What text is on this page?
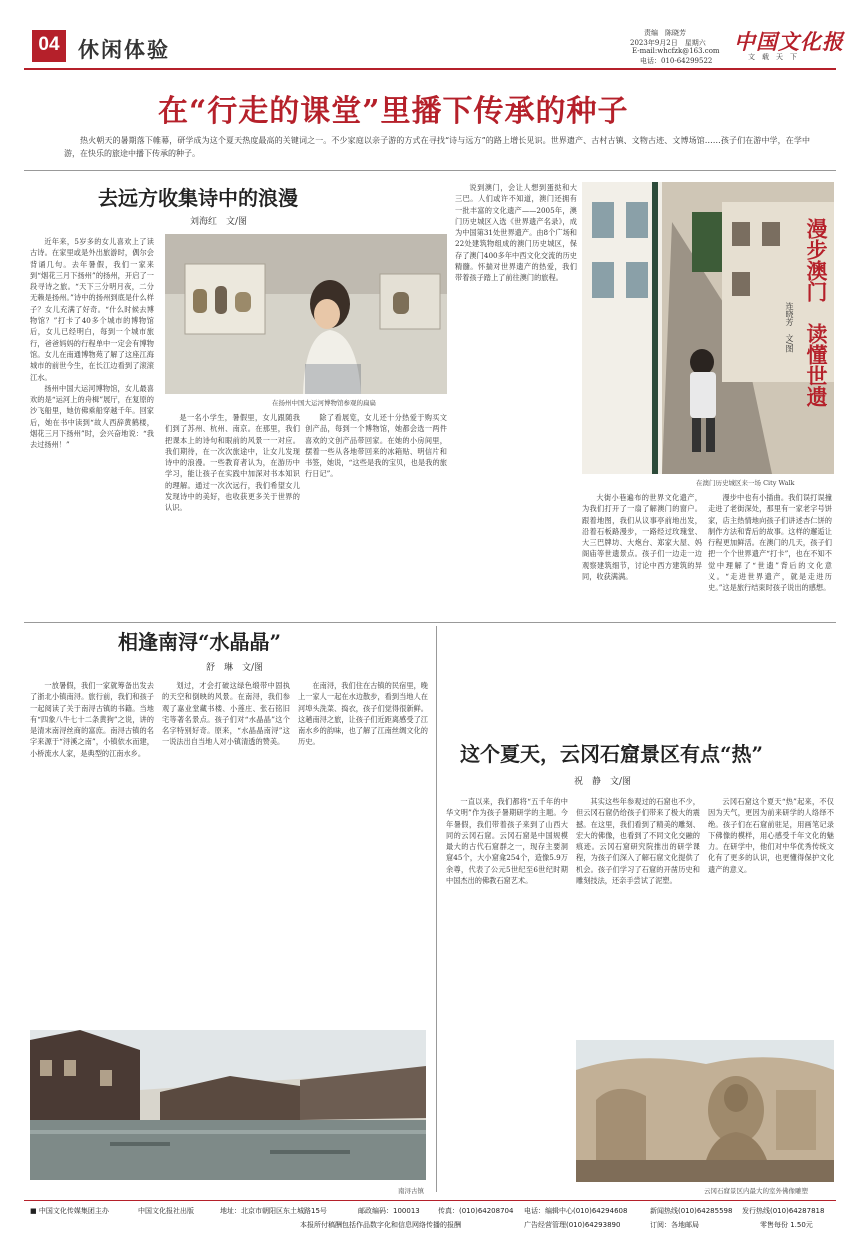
04 休闲体验
责编　陈晓芳
2023年9月2日　星期六
E-mail:whcfzk@163.com
电话：010-64299522
中国文化报
文　载　天　下
在“行走的课堂”里播下传承的种子
热火朝天的暑期落下帷幕，研学成为这个夏天热度最高的关键词之一。不少家庭以亲子游的方式在寻找“诗与远方”的路上增长见识。世界遗产、古村古镇、文物古迹、文博场馆……孩子们在游中学，在学中游，在快乐的旅途中播下传承的种子。
去远方收集诗中的浪漫
刘海红　文/图

近年来，5岁多的女儿喜欢上了读古诗。在家里或是外出旅游时，偶尔会背诵几句。去年暑假，我们一家来到“烟花三月下扬州”的扬州，开启了一段寻诗之旅。“天下三分明月夜，二分无赖是扬州。”诗中的扬州到底是什么样子？女儿充满了好奇。“什么时候去博物馆？”打卡了40多个城市的博物馆后，女儿已经明白，每到一个城市旅行，爸爸妈妈的行程单中一定会有博物馆。女儿在南通博物苑了解了这座江海城市的前世今生，在长江边看到了滚滚江水。

扬州中国大运河博物馆，女儿最喜欢的是“运河上的舟楫”展厅，在复原的沙飞船里，她仿佛乘船穿越千年。回家后，她在书中读到“故人西辞黄鹤楼，烟花三月下扬州”时，会兴奋地说：“我去过扬州！”

在扬州中国大运河博物馆参观的扁扁

是一名小学生，暑假里，女儿跟随我们到了苏州、杭州、南京。在那里，我们把课本上的诗句和眼前的风景一一对应。我们期待，在一次次旅途中，让女儿发现诗中的浪漫。一些教育者认为，在游历中学习，能让孩子在实践中加深对书本知识的理解。通过一次次远行，我们希望女儿发现诗中的美好，也收获更多关于世界的认识。

除了看展览，女儿还十分热爱于购买文创产品，每到一个博物馆，她都会选一两件喜欢的文创产品带回家。在她的小房间里，摆着一些从各地带回来的冰箱贴、明信片和书签，她说，“这些是我的宝贝，也是我的旅行日记”。

说到澳门，会让人想到蛋挞和大三巴。人们或许不知道，澳门还拥有一批丰富的文化遗产——2005年，澳门历史城区入选《世界遗产名录》，成为中国第31处世界遗产。由8个广场和22处建筑物组成的澳门历史城区，保存了澳门400多年中西文化交流的历史精髓。怀揣对世界遗产的热爱，我们带着孩子踏上了前往澳门的旅程。	漫步澳门　读懂世遗
连晓芳　文/图
在澳门历史城区来一场 City Walk

大街小巷遍布的世界文化遗产，为我们打开了一扇了解澳门的窗户。跟着地图，我们从议事亭前地出发，沿着石板路漫步，一路经过玫瑰堂、大三巴牌坊、大炮台、郑家大屋、妈阁庙等世遗景点。孩子们一边走一边观察建筑细节，讨论中西方建筑的异同，收获满满。

漫步中也有小插曲。我们误打误撞走进了老街深处，那里有一家老字号饼家，店主热情地向孩子们讲述杏仁饼的制作方法和背后的故事。这样的邂逅让行程更加鲜活。在澳门的几天，孩子们把一个个世界遗产“打卡”，也在不知不觉中理解了“世遗”背后的文化意义。“走进世界遗产，就是走进历史。”这是旅行结束时孩子说出的感想。

相逢南浔“水晶晶”
舒　琳　文/图

一放暑假，我们一家就筹备出发去了浙北小镇南浔。旅行前，我们和孩子一起阅读了关于南浔古镇的书籍。当地有“四象八牛七十二条黄狗”之说，讲的是清末南浔丝商的富庶。南浔古镇的名字来源于“浔溪之南”，小镇依水而建，小桥流水人家，是典型的江南水乡。

划过，才会打破这绿色缎带中固执的天空和倒映的风景。在南浔，我们参观了嘉业堂藏书楼、小莲庄、张石铭旧宅等著名景点。孩子们对“水晶晶”这个名字特别好奇。原来，“水晶晶南浔”这一说法出自当地人对小镇清透的赞美。

在南浔，我们住在古镇的民宿里，晚上一家人一起在水边散步，看到当地人在河埠头洗菜、捣衣，孩子们觉得很新鲜。这趟南浔之旅，让孩子们近距离感受了江南水乡的韵味，也了解了江南丝绸文化的历史。

南浔古镇
这个夏天，云冈石窟景区有点“热”
祝　静　文/图

一直以来，我们都将“五千年的中华文明”作为孩子暑期研学的主题。今年暑假，我们带着孩子来到了山西大同的云冈石窟。云冈石窟是中国规模最大的古代石窟群之一，现存主要洞窟45个，大小窟龛254个，造像5.9万余尊，代表了公元5世纪至6世纪时期中国杰出的佛教石窟艺术。

其实这些年参观过的石窟也不少，但云冈石窟仍给孩子们带来了极大的震撼。在这里，我们看到了精美的雕刻、宏大的佛像，也看到了不同文化交融的痕迹。云冈石窟研究院推出的研学课程，为孩子们深入了解石窟文化提供了机会。孩子们学习了石窟的开凿历史和雕刻技法，还亲手尝试了泥塑。

云冈石窟这个夏天“热”起来，不仅因为天气，更因为前来研学的人络绎不绝。孩子们在石窟前驻足，用画笔记录下佛像的模样，用心感受千年文化的魅力。在研学中，他们对中华优秀传统文化有了更多的认识，也更懂得保护文化遗产的意义。

云冈石窟景区内最大的室外佛像雕塑
■ 中国文化传媒集团主办	中国文化报社出版	地址：北京市朝阳区东土城路15号	邮政编码：100013	传真：(010)64208704 电话：编辑中心(010)64294608	新闻热线(010)64285598 发行热线(010)64287818
本报所付稿酬包括作品数字化和信息网络传播的报酬	广告经营管理(010)64293890	订阅：各地邮局	零售每份 1.50元
